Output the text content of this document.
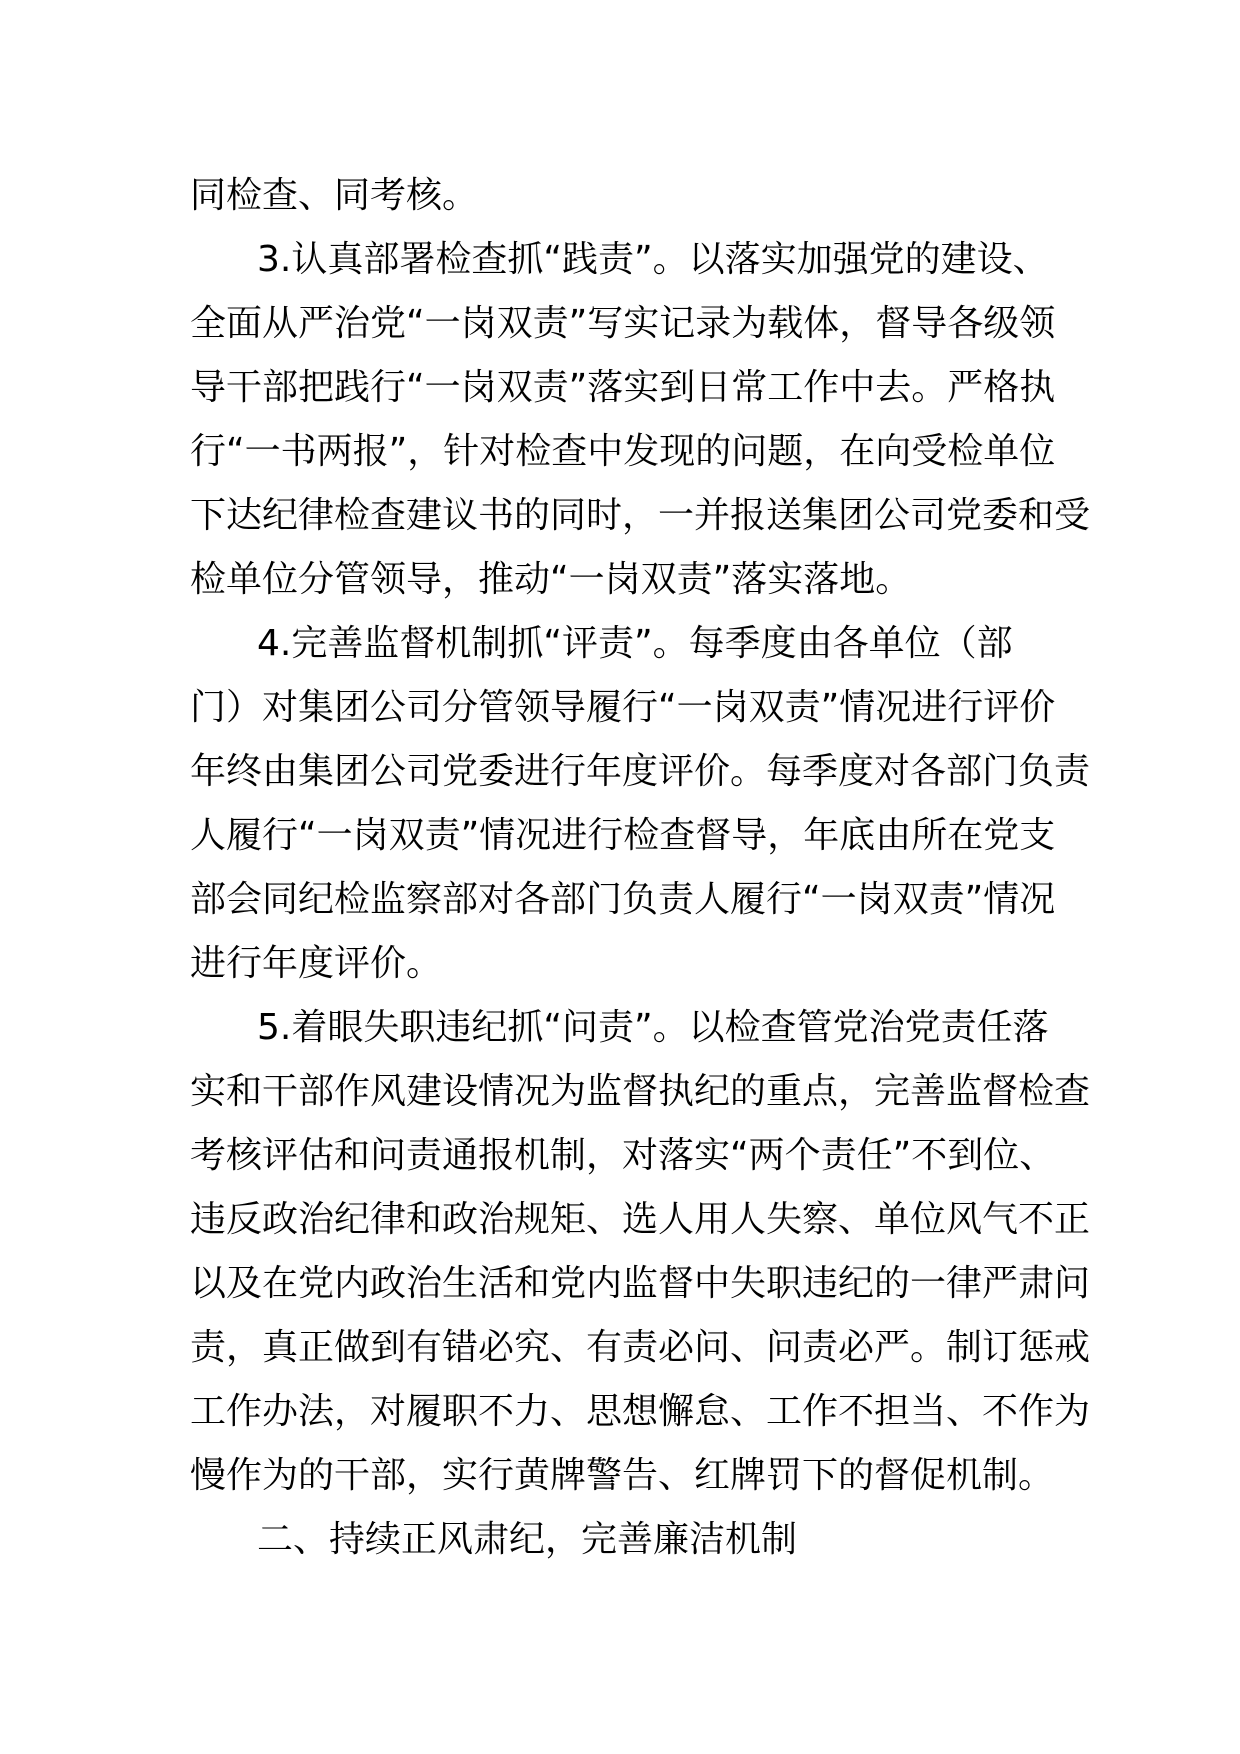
同检查、同考核。
3.认真部署检查抓“践责”。以落实加强党的建设、
全面从严治党“一岗双责”写实记录为载体，督导各级领
导干部把践行“一岗双责”落实到日常工作中去。严格执
行“一书两报”，针对检查中发现的问题，在向受检单位
下达纪律检查建议书的同时，一并报送集团公司党委和受
检单位分管领导，推动“一岗双责”落实落地。
4.完善监督机制抓“评责”。每季度由各单位（部
门）对集团公司分管领导履行“一岗双责”情况进行评价
年终由集团公司党委进行年度评价。每季度对各部门负责
人履行“一岗双责”情况进行检查督导，年底由所在党支
部会同纪检监察部对各部门负责人履行“一岗双责”情况
进行年度评价。
5.着眼失职违纪抓“问责”。以检查管党治党责任落
实和干部作风建设情况为监督执纪的重点，完善监督检查
考核评估和问责通报机制，对落实“两个责任”不到位、
违反政治纪律和政治规矩、选人用人失察、单位风气不正
以及在党内政治生活和党内监督中失职违纪的一律严肃问
责，真正做到有错必究、有责必问、问责必严。制订惩戒
工作办法，对履职不力、思想懈怠、工作不担当、不作为
慢作为的干部，实行黄牌警告、红牌罚下的督促机制。
二、持续正风肃纪，完善廉洁机制
